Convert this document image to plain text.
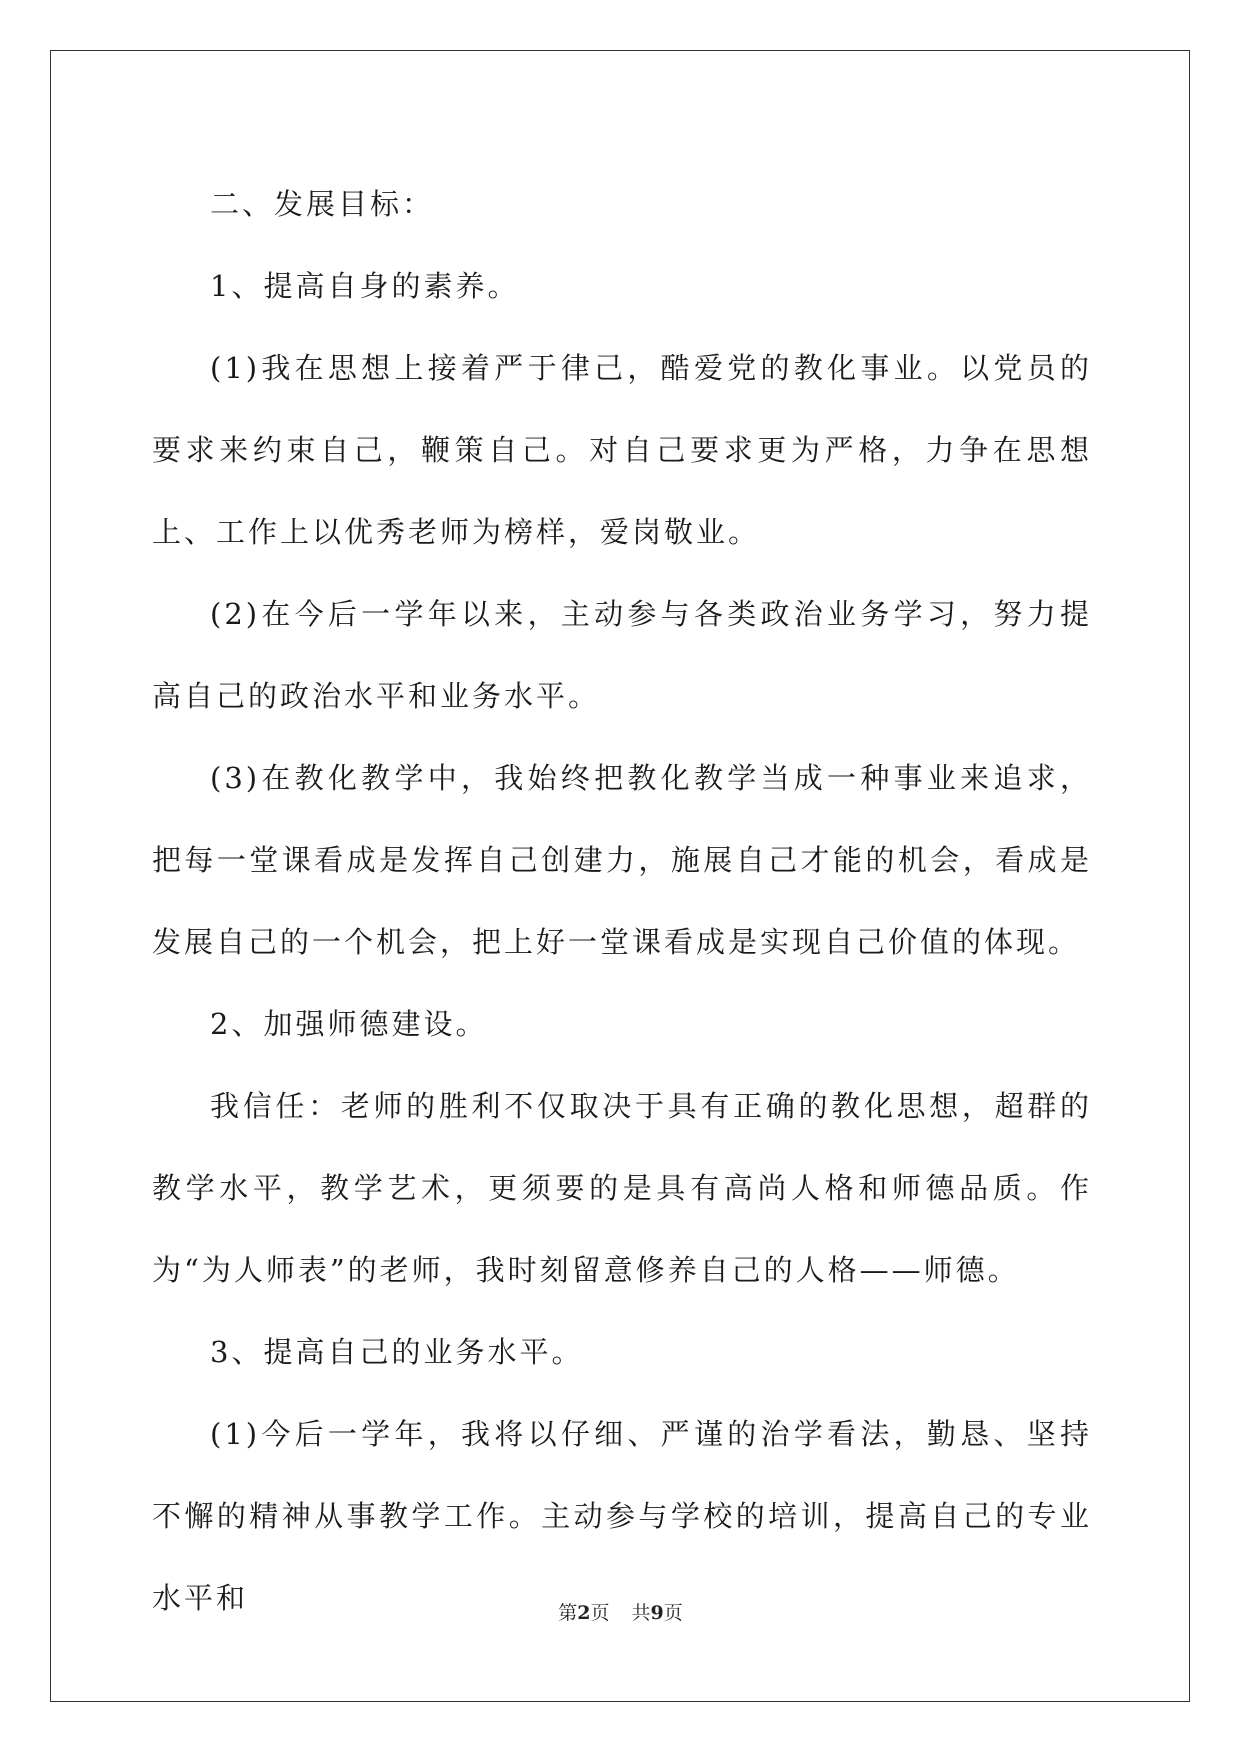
二、发展目标：

1、提高自身的素养。

(1)我在思想上接着严于律己，酷爱党的教化事业。以党员的要求来约束自己，鞭策自己。对自己要求更为严格，力争在思想上、工作上以优秀老师为榜样，爱岗敬业。

(2)在今后一学年以来，主动参与各类政治业务学习，努力提高自己的政治水平和业务水平。

(3)在教化教学中，我始终把教化教学当成一种事业来追求，把每一堂课看成是发挥自己创建力，施展自己才能的机会，看成是发展自己的一个机会，把上好一堂课看成是实现自己价值的体现。

2、加强师德建设。

我信任：老师的胜利不仅取决于具有正确的教化思想，超群的教学水平，教学艺术，更须要的是具有高尚人格和师德品质。作为“为人师表”的老师，我时刻留意修养自己的人格——师德。

3、提高自己的业务水平。

(1)今后一学年，我将以仔细、严谨的治学看法，勤恳、坚持不懈的精神从事教学工作。主动参与学校的培训，提高自己的专业水平和	第2页 共9页
